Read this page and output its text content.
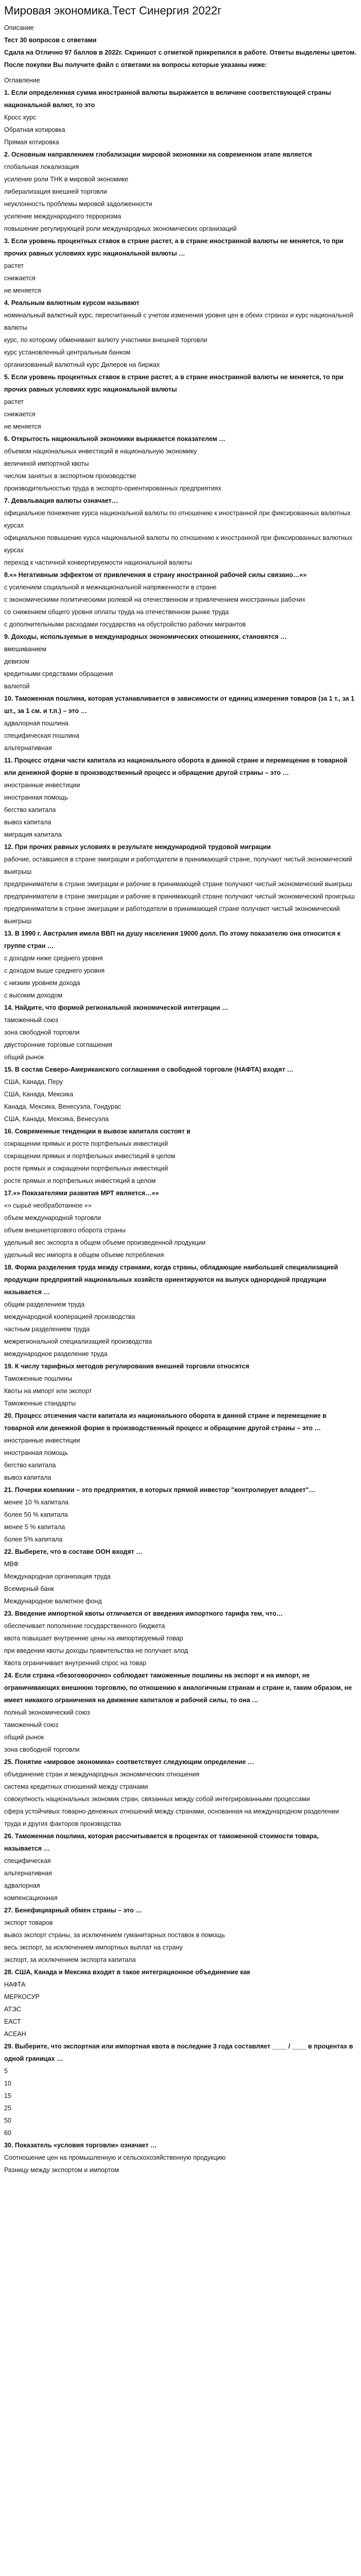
Мировая экономика.Тест Синергия 2022г
Описание
Тест 30 вопросов с ответами
Сдала на Отлично 97 баллов в 2022г. Скриншот с отметкой прикрепился в работе. Ответы выделены цветом.
После покупки Вы получите файл с ответами на вопросы которые указаны ниже:
Оглавление
1. Если определенная сумма иностранной валюты выражается в величине соответствующей страны национальной валют, то это
Кросс курс
Обратная котировка
Прямая котировка
2. Основным направлением глобализации мировой экономики на современном этапе является
глобальная локализация
усиление роли ТНК в мировой экономике
либерализация внешней торговли
неуклонность проблемы мировой задолженности
усиление международного терроризма
повышение регулирующей роли международных экономических организаций
3. Если уровень процентных ставок в стране растет, а в стране иностранной валюты не меняется, то при прочих равных условиях курс национальной валюты …
растет
снижается
не меняется
4. Реальным валютным курсом называют
номинальный валютный курс, пересчитанный с учетом изменения уровня цен в обеих странах и курс национальной валюты
курс, по которому обменивают валюту участники внешней торговли
курс установленный центральным банком
организованный валютный курс Дилеров на биржах
5. Если уровень процентных ставок в стране растет, а в стране иностранной валюты не меняется, то при прочих равных условиях курс национальной валюты
растет
снижается
не меняется
6. Открытость национальной экономики выражается показателем …
объемом национальных инвестиций в национальную экономику
величиной импортной квоты
числом занятых в экспортном производстве
производительностью труда в экспорто-ориентированных предприятиях
7. Девальвация валюты означает…
официальное понижение курса национальной валюты по отношению к иностранной при фиксированных валютных курсах
официальное повышение курса национальной валюты по отношению к иностранной при фиксированных валютных курсах
переход к частичной конвертируемости национальной валюты
8.«» Негативным эффектом от привлечения в страну иностранной рабочей силы связано…«»
с усилением социальной и межнациональной напряженности в стране
с экономическими политическими ролевой на отечественном и привлечением иностранных рабочих
со снижением общего уровня оплаты труда на отечественном рынке труда
с дополнительными расходами государства на обустройство рабочих мигрантов
9. Доходы, используемые в международных экономических отношениях, становятся …
вмешиванием
девизом
кредитными средствами обращения
валютой
10. Таможенная пошлина, которая устанавливается в зависимости от единиц измерения товаров (за 1 т., за 1 шт., за 1 см. и т.п.) – это …
адвалорная пошлина
специфическая пошлина
альтернативная
11. Процесс отдачи части капитала из национального оборота в данной стране и перемещение в товарной или денежной форме в производственный процесс и обращение другой страны – это …
иностранные инвестиции
иностранная помощь
бегство капитала
вывоз капитала
миграция капитала
12. При прочих равных условиях в результате международной трудовой миграции
рабочие, оставшиеся в стране эмиграции и работодатели в принимающей стране, получают чистый экономический выигрыш
предприниматели в стране эмиграции и рабочие в принимающей стране получают чистый экономический выигрыш
предприниматели в стране эмиграции и рабочие в принимающей стране получают чистый экономический проигрыш
предприниматели в стране эмиграции и работодатели в принимающей стране получают чистый экономический выигрыш
13. В 1990 г. Австралия имела ВВП на душу населения 19000 долл. По этому показателю она относится к группе стран …
с доходом ниже среднего уровня
с доходом выше среднего уровня
с низким уровнем дохода
с высоким доходом
14. Найдите, что формой региональной экономической интеграции …
таможенный союз
зона свободной торговли
двусторонние торговые соглашения
общий рынок
15. В состав Северо-Американского соглашения о свободной торговле (НАФТА) входят …
США, Канада, Перу
США, Канада, Мексика
Канада, Мексика, Венесуэла, Гондурас
США, Канада, Мексика, Венесуэла
16. Современные тенденции в вывозе капитала состоят в
сокращении прямых и росте портфельных инвестиций
сокращении прямых и портфельных инвестиций в целом
росте прямых и сокращении портфельных инвестиций
росте прямых и портфельных инвестиций в целом
17.«» Показателями развития МРТ является…«»
«» сырьё необработанное «»
объем международной торговли
объем внешнеторгового оборота страны
удельный вес экспорта в общем объеме произведенной продукции
удельный вес импорта в общем объеме потребления
18. Форма разделения труда между странами, когда страны, обладающие наибольшей специализацией продукции предприятий национальных хозяйств ориентируются на выпуск однородной продукции называется …
общим разделением труда
международной кооперацией производства
частным разделением труда
межрегиональной специализацией производства
международное разделение труда
19. К числу тарифных методов регулирования внешней торговли относятся
Таможенные пошлины
Квоты на импорт или экспорт
Таможенные стандарты
20. Процесс отсечения части капитала из национального оборота в данной стране и перемещение в товарной или денежной форме в производственный процесс и обращение другой страны – это …
иностранные инвестиции
иностранная помощь
бегство капитала
вывоз капитала
21. Почерки компании – это предприятия, в которых прямой инвестор "контролирует владеет"…
менее 10 % капитала
более 50 % капитала
менее 5 % капитала
более 5% капитала
22. Выберете, что в составе ООН входят …
МВФ
Международная организация труда
Всемирный банк
Международное валютное фонд
23. Введение импортной квоты отличается от введения импортного тарифа тем, что…
обеспечивает пополнение государственного бюджета
квота повышает внутренние цены на импортируемый товар
при введении квоты доходы правительства не получает алод
Квота ограничивает внутренний спрос на товар
24. Если страна «безоговорочно» соблюдает таможенные пошлины на экспорт и на импорт, не ограничивающих внешнюю торговлю, по отношению к аналогичным странам и стране и, таким образом, не имеет никакого ограничения на движение капиталов и рабочей силы, то она …
полный экономический союз
таможенный союз
общий рынок
зона свободной торговли
25. Понятие «мировое экономика» соответствует следующим определение …
объединение стран и международных экономических отношения
система кредитных отношений между странами
совокупность национальных экономик стран, связанных между собой интегрированными процессами
сфера устойчивых товарно-денежных отношений между странами, основанная на международном разделении труда и других факторов производства
26. Таможенная пошлина, которая рассчитывается в процентах от таможенной стоимости товара, называется …
специфическая
альтернативная
адвалорная
компенсационная
27. Бенефициарный обмен страны – это …
экспорт товаров
вывоз экспорт страны, за исключением гуманитарных поставок в помощь
весь экспорт, за исключением импортных выплат на страну
экспорт, за исключением экспорта капитала
28. США, Канада и Мексика входят в такое интеграционное объединение как
НАФТА
МЕРКОСУР
АТЭС
ЕАСТ
АСЕАН
29. Выберите, что экспортная или импортная квота в последние 3 года составляет ____ / ____ в процентах в одной границах …
5
10
15
25
50
60
30. Показатель «условия торговли» означает …
Соотношение цен на промышленную и сельскохозяйственную продукцию
Разницу между экспортом и импортом
